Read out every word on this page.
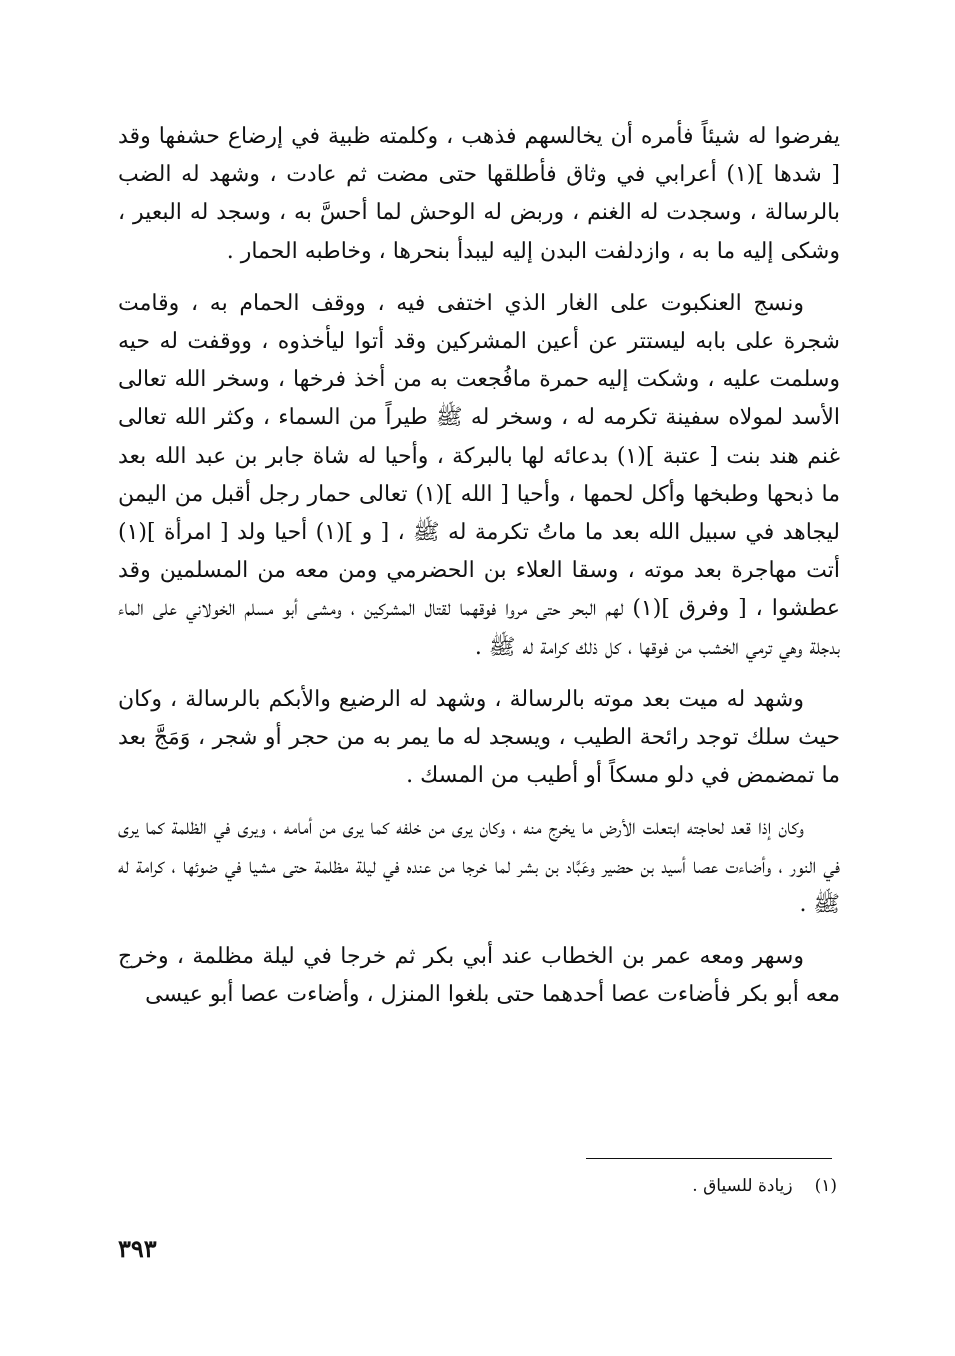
يفرضوا له شيئاً فأمره أن يخالسهم فذهب ، وكلمته ظبية في إرضاع حشفها وقد [ شدها ](١) أعرابي في وثاق فأطلقها حتى مضت ثم عادت ، وشهد له الضب بالرسالة ، وسجدت له الغنم ، وربض له الوحش لما أحسَّ به ، وسجد له البعير ، وشكى إليه ما به ، وازدلفت البدن إليه ليبدأ بنحرها ، وخاطبه الحمار .

ونسج العنكبوت على الغار الذي اختفى فيه ، ووقف الحمام به ، وقامت شجرة على بابه ليستتر عن أعين المشركين وقد أتوا ليأخذوه ، ووقفت له حيه وسلمت عليه ، وشكت إليه حمرة مافُجعت به من أخذ فرخها ، وسخر الله تعالى الأسد لمولاه سفينة تكرمه له ، وسخر له ﷺ طيراً من السماء ، وكثر الله تعالى غنم هند بنت [ عتبة ](١) بدعائه لها بالبركة ، وأحيا له شاة جابر بن عبد الله بعد ما ذبحها وطبخها وأكل لحمها ، وأحيا [ الله ](١) تعالى حمار رجل أقبل من اليمن ليجاهد في سبيل الله بعد ما ماتُ تكرمة له ﷺ ، [ و ](١) أحيا ولد [ امرأة ](١) أتت مهاجرة بعد موته ، وسقا العلاء بن الحضرمي ومن معه من المسلمين وقد عطشوا ، [ وفرق ](١) لهم البحر حتى مروا فوقهما لقتال المشركين ، ومشى أبو مسلم الخولاني على الماء بدجلة وهي ترمي الخشب من فوقها ، كل ذلك كرامة له ﷺ .

وشهد له ميت بعد موته بالرسالة ، وشهد له الرضيع والأبكم بالرسالة ، وكان حيث سلك توجد رائحة الطيب ، ويسجد له ما يمر به من حجر أو شجر ، وَمَجَّ بعد ما تمضمض في دلو مسكاً أو أطيب من المسك .

وكان إذا قعد لحاجته ابتعلت الأرض ما يخرج منه ، وكان يرى من خلفه كما يرى من أمامه ، ويرى في الظلمة كما يرى في النور ، وأضاءت عصا أسيد بن حضير وعَبَّاد بن بشر لما خرجا من عنده في ليلة مظلمة حتى مشيا في ضوئها ، كرامة له ﷺ .

وسهر ومعه عمر بن الخطاب عند أبي بكر ثم خرجا في ليلة مظلمة ، وخرج معه أبو بكر فأضاءت عصا أحدهما حتى بلغوا المنزل ، وأضاءت عصا أبو عيسى

(١)زيادة للسياق .
٣٩٣
